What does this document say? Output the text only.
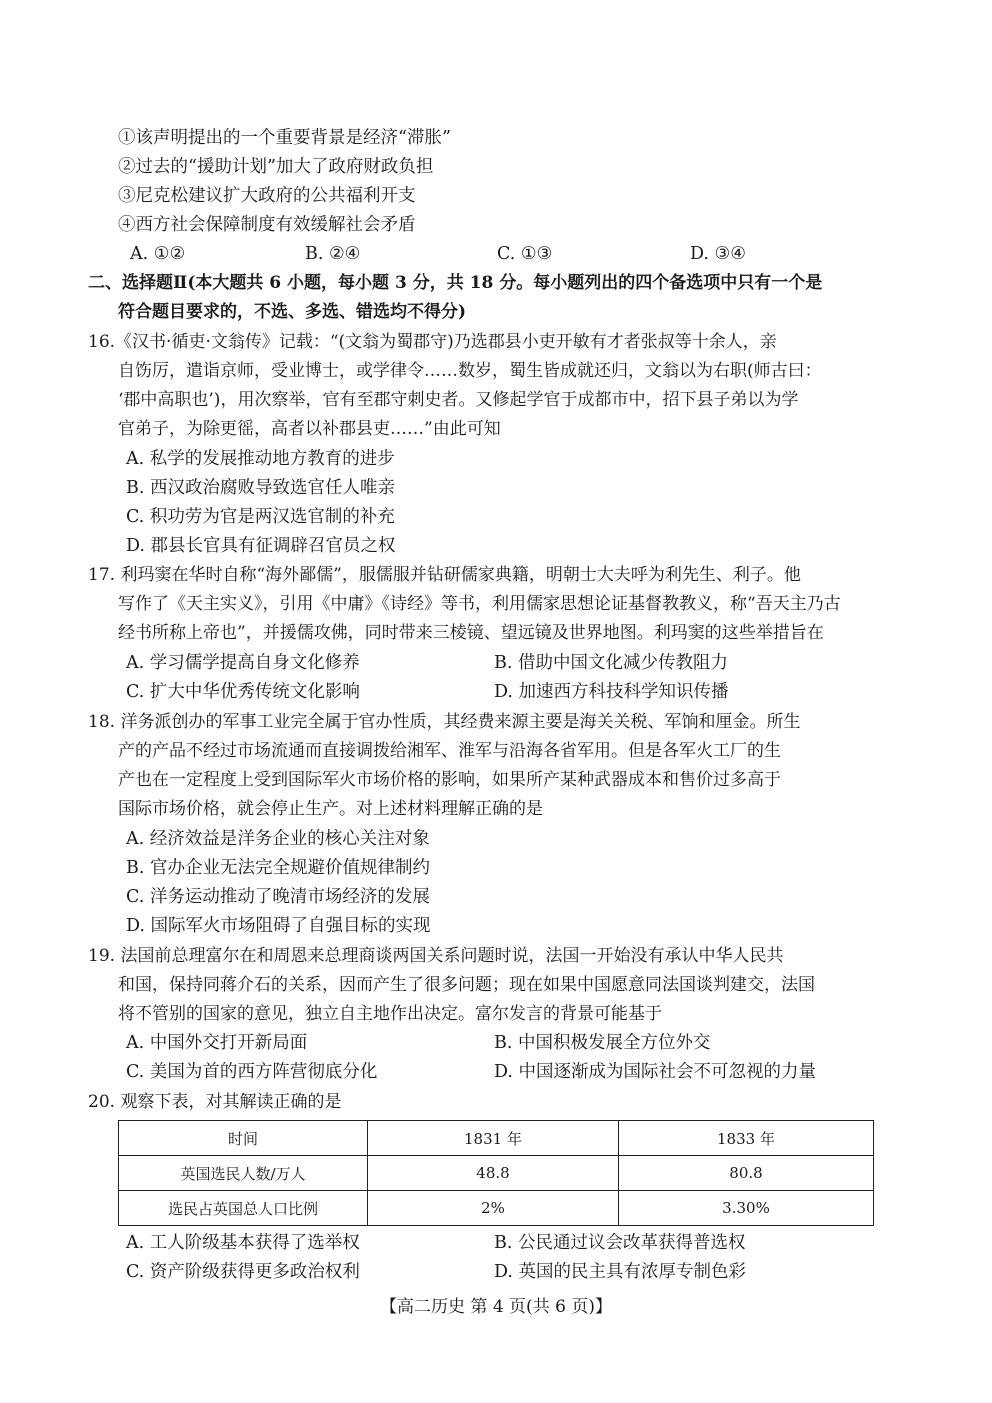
①该声明提出的一个重要背景是经济“滞胀”
②过去的“援助计划”加大了政府财政负担
③尼克松建议扩大政府的公共福利开支
④西方社会保障制度有效缓解社会矛盾
A. ①②	B. ②④	C. ①③	D. ③④
二、选择题Ⅱ(本大题共 6 小题，每小题 3 分，共 18 分。每小题列出的四个备选项中只有一个是
符合题目要求的，不选、多选、错选均不得分)
16.《汉书·循吏·文翁传》记载：“(文翁为蜀郡守)乃选郡县小吏开敏有才者张叔等十余人，亲
自饬厉，遣诣京师，受业博士，或学律令……数岁，蜀生皆成就还归，文翁以为右职(师古曰：
‘郡中高职也’)，用次察举，官有至郡守刺史者。又修起学官于成都市中，招下县子弟以为学
官弟子，为除更徭，高者以补郡县吏……”由此可知
A. 私学的发展推动地方教育的进步
B. 西汉政治腐败导致选官任人唯亲
C. 积功劳为官是两汉选官制的补充
D. 郡县长官具有征调辟召官员之权
17. 利玛窦在华时自称“海外鄙儒”，服儒服并钻研儒家典籍，明朝士大夫呼为利先生、利子。他
写作了《天主实义》，引用《中庸》《诗经》等书，利用儒家思想论证基督教教义，称“吾天主乃古
经书所称上帝也”，并援儒攻佛，同时带来三棱镜、望远镜及世界地图。利玛窦的这些举措旨在
A. 学习儒学提高自身文化修养	B. 借助中国文化减少传教阻力
C. 扩大中华优秀传统文化影响	D. 加速西方科技科学知识传播
18. 洋务派创办的军事工业完全属于官办性质，其经费来源主要是海关关税、军饷和厘金。所生
产的产品不经过市场流通而直接调拨给湘军、淮军与沿海各省军用。但是各军火工厂的生
产也在一定程度上受到国际军火市场价格的影响，如果所产某种武器成本和售价过多高于
国际市场价格，就会停止生产。对上述材料理解正确的是
A. 经济效益是洋务企业的核心关注对象
B. 官办企业无法完全规避价值规律制约
C. 洋务运动推动了晚清市场经济的发展
D. 国际军火市场阻碍了自强目标的实现
19. 法国前总理富尔在和周恩来总理商谈两国关系问题时说，法国一开始没有承认中华人民共
和国，保持同蒋介石的关系，因而产生了很多问题；现在如果中国愿意同法国谈判建交，法国
将不管别的国家的意见，独立自主地作出决定。富尔发言的背景可能基于
A. 中国外交打开新局面	B. 中国积极发展全方位外交
C. 美国为首的西方阵营彻底分化	D. 中国逐渐成为国际社会不可忽视的力量
20. 观察下表，对其解读正确的是
时间	1831 年	1833 年
英国选民人数/万人	48.8	80.8
选民占英国总人口比例	2%	3.30%
A. 工人阶级基本获得了选举权	B. 公民通过议会改革获得普选权
C. 资产阶级获得更多政治权利	D. 英国的民主具有浓厚专制色彩
【高二历史 第 4 页(共 6 页)】
